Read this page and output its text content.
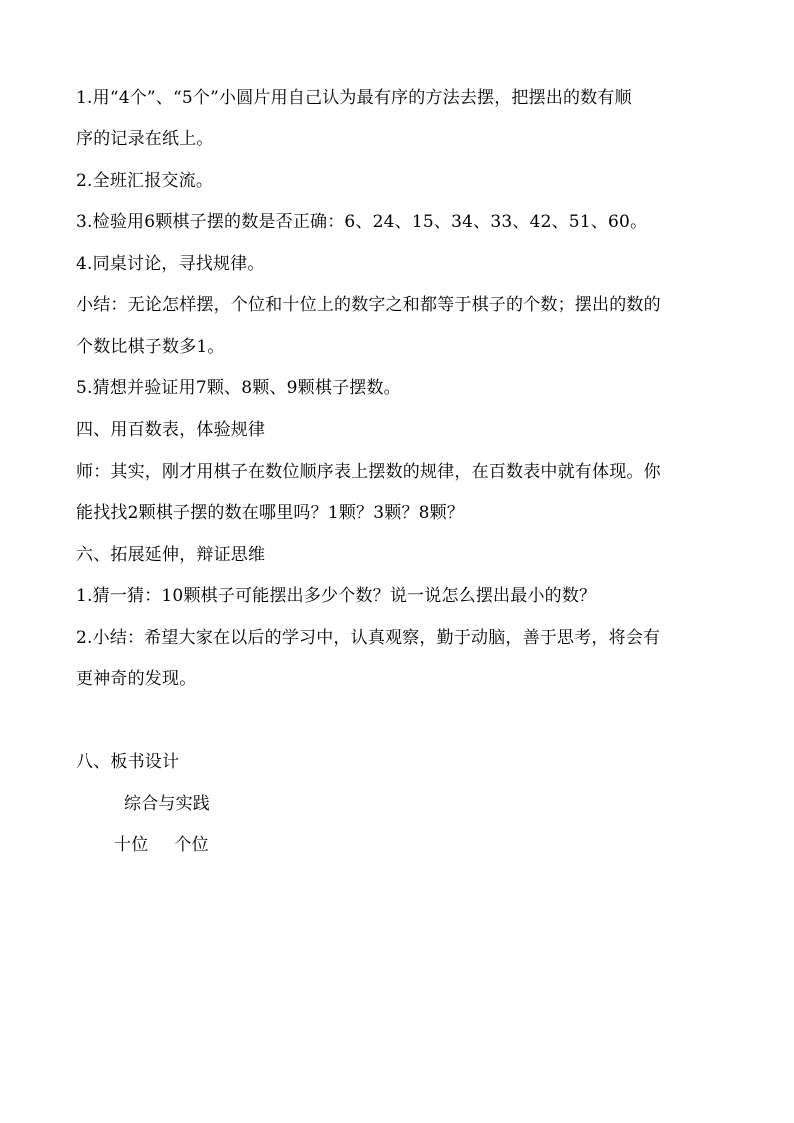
1.用“4个”、“5个”小圆片用自己认为最有序的方法去摆，把摆出的数有顺
序的记录在纸上。
2.全班汇报交流。
3.检验用6颗棋子摆的数是否正确：6、24、15、34、33、42、51、60。
4.同桌讨论，寻找规律。
小结：无论怎样摆，个位和十位上的数字之和都等于棋子的个数；摆出的数的
个数比棋子数多1。
5.猜想并验证用7颗、8颗、9颗棋子摆数。
四、用百数表，体验规律
师：其实，刚才用棋子在数位顺序表上摆数的规律，在百数表中就有体现。你
能找找2颗棋子摆的数在哪里吗？1颗？3颗？8颗？
六、拓展延伸，辩证思维
1.猜一猜：10颗棋子可能摆出多少个数？说一说怎么摆出最小的数？
2.小结：希望大家在以后的学习中，认真观察，勤于动脑，善于思考，将会有
更神奇的发现。
八、板书设计
综合与实践
十位 个位
